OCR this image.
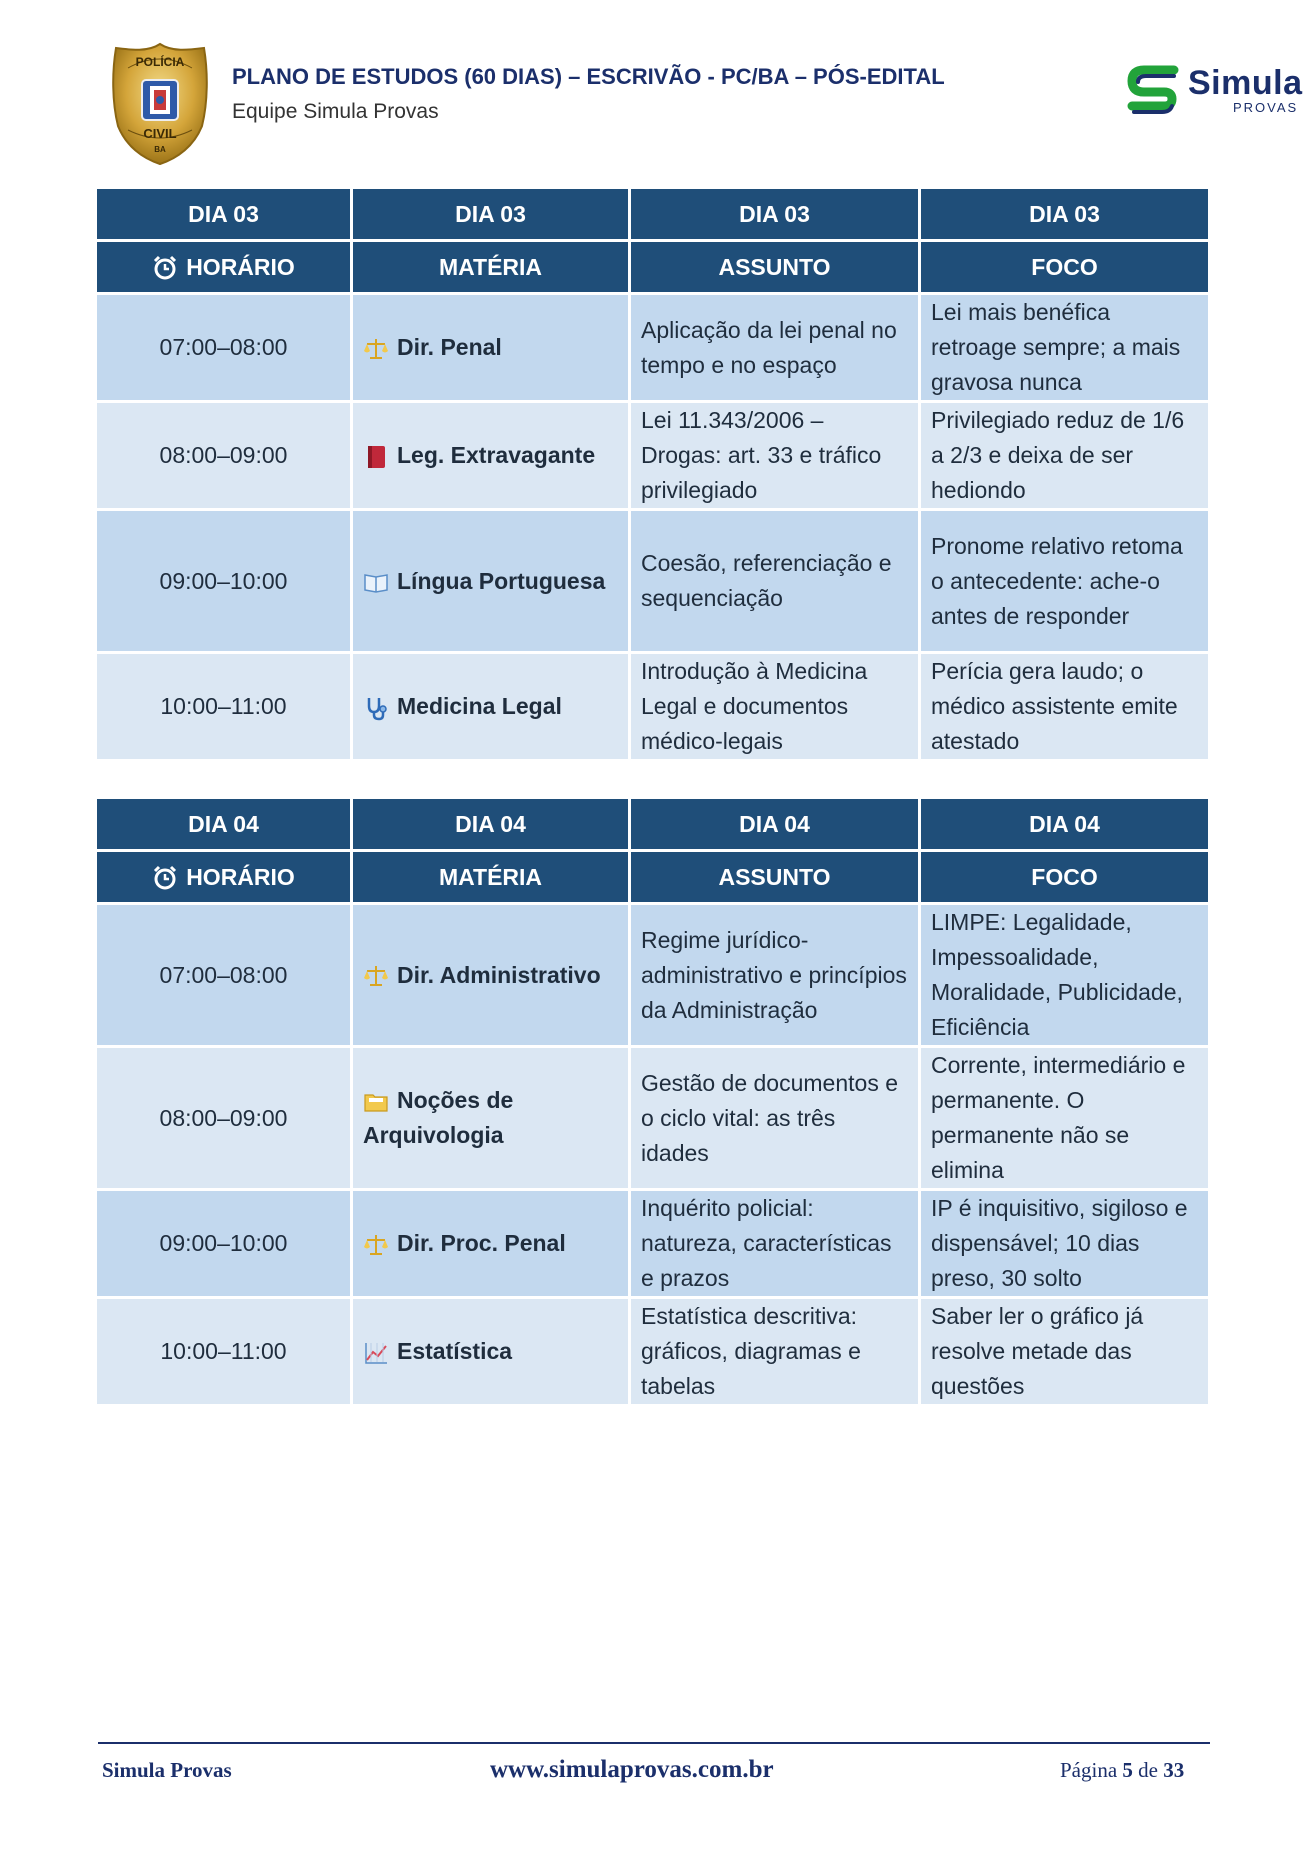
POLÍCIA
CIVIL
BA
PLANO DE ESTUDOS (60 DIAS) – ESCRIVÃO - PC/BA – PÓS-EDITAL
Equipe Simula Provas
Simula
PROVAS
DIA 03	DIA 03	DIA 03	DIA 03
HORÁRIO	MATÉRIA	ASSUNTO	FOCO
07:00–08:00	Dir. Penal	Aplicação da lei penal no tempo e no espaço	Lei mais benéfica retroage sempre; a mais gravosa nunca
08:00–09:00	Leg. Extravagante	Lei 11.343/2006 – Drogas: art. 33 e tráfico privilegiado	Privilegiado reduz de 1/6 a 2/3 e deixa de ser hediondo
09:00–10:00	Língua Portuguesa	Coesão, referenciação e sequenciação	Pronome relativo retoma o antecedente: ache-o antes de responder
10:00–11:00	Medicina Legal	Introdução à Medicina Legal e documentos médico-legais	Perícia gera laudo; o médico assistente emite atestado
DIA 04	DIA 04	DIA 04	DIA 04
HORÁRIO	MATÉRIA	ASSUNTO	FOCO
07:00–08:00	Dir. Administrativo	Regime jurídico-administrativo e princípios da Administração	LIMPE: Legalidade, Impessoalidade, Moralidade, Publicidade, Eficiência
08:00–09:00	Noções de Arquivologia	Gestão de documentos e o ciclo vital: as três idades	Corrente, intermediário e permanente. O permanente não se elimina
09:00–10:00	Dir. Proc. Penal	Inquérito policial: natureza, características e prazos	IP é inquisitivo, sigiloso e dispensável; 10 dias preso, 30 solto
10:00–11:00	Estatística	Estatística descritiva: gráficos, diagramas e tabelas	Saber ler o gráfico já resolve metade das questões
Simula Provas	www.simulaprovas.com.br	Página 5 de 33
